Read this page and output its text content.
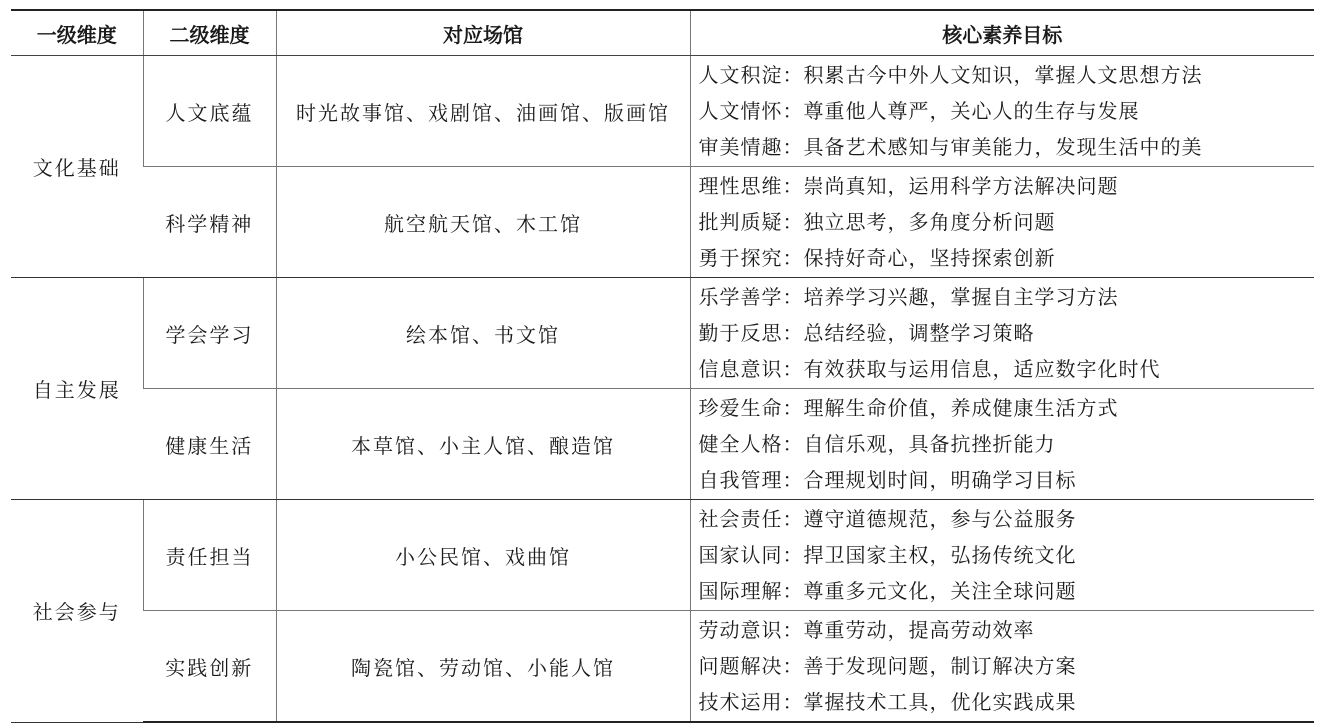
一级维度	二级维度	对应场馆	核心素养目标
文化基础	人文底蕴	时光故事馆、戏剧馆、油画馆、版画馆	人文积淀：积累古今中外人文知识，掌握人文思想方法
人文情怀：尊重他人尊严，关心人的生存与发展
审美情趣：具备艺术感知与审美能力，发现生活中的美

	科学精神	航空航天馆、木工馆	理性思维：崇尚真知，运用科学方法解决问题
批判质疑：独立思考，多角度分析问题
勇于探究：保持好奇心，坚持探索创新

自主发展	学会学习	绘本馆、书文馆	乐学善学：培养学习兴趣，掌握自主学习方法
勤于反思：总结经验，调整学习策略
信息意识：有效获取与运用信息，适应数字化时代

	健康生活	本草馆、小主人馆、酿造馆	珍爱生命：理解生命价值，养成健康生活方式
健全人格：自信乐观，具备抗挫折能力
自我管理：合理规划时间，明确学习目标

社会参与	责任担当	小公民馆、戏曲馆	社会责任：遵守道德规范，参与公益服务
国家认同：捍卫国家主权，弘扬传统文化
国际理解：尊重多元文化，关注全球问题

	实践创新	陶瓷馆、劳动馆、小能人馆	劳动意识：尊重劳动，提高劳动效率
问题解决：善于发现问题，制订解决方案
技术运用：掌握技术工具，优化实践成果
